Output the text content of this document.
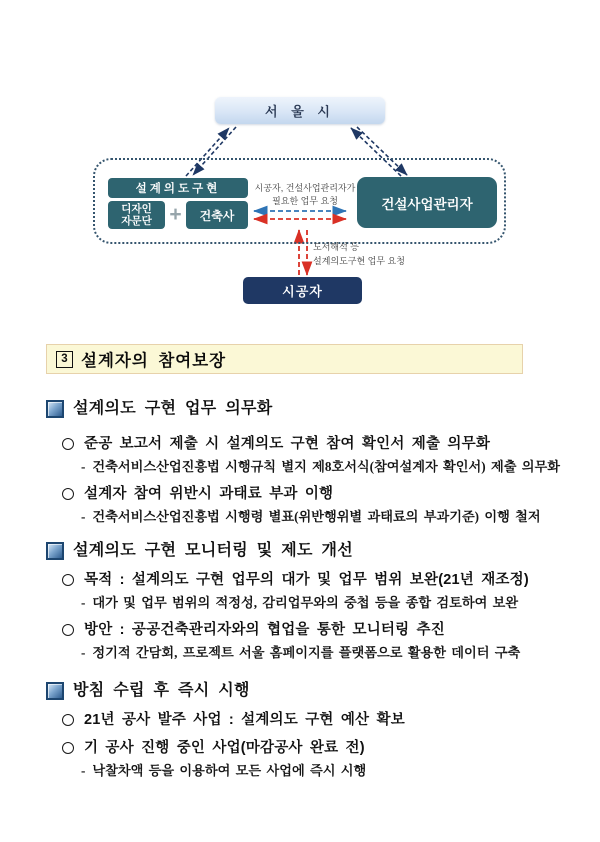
서 울 시
설계의도구현
디자인
자문단 +	건축사
건설사업관리자
시공자, 건설사업관리자가
필요한 업무 요청
도서해석 등
설계의도구현 업무 요청
시공자
3 설계자의 참여보장
설계의도 구현 업무 의무화
준공 보고서 제출 시 설계의도 구현 참여 확인서 제출 의무화
- 건축서비스산업진흥법 시행규칙 별지 제8호서식(참여설계자 확인서) 제출 의무화
설계자 참여 위반시 과태료 부과 이행
- 건축서비스산업진흥법 시행령 별표(위반행위별 과태료의 부과기준) 이행 철저
설계의도 구현 모니터링 및 제도 개선
목적 : 설계의도 구현 업무의 대가 및 업무 범위 보완(21년 재조정)
- 대가 및 업무 범위의 적정성, 감리업무와의 중첩 등을 종합 검토하여 보완
방안 : 공공건축관리자와의 협업을 통한 모니터링 추진
- 정기적 간담회, 프로젝트 서울 홈페이지를 플랫폼으로 활용한 데이터 구축
방침 수립 후 즉시 시행
21년 공사 발주 사업 : 설계의도 구현 예산 확보
기 공사 진행 중인 사업(마감공사 완료 전)
- 낙찰차액 등을 이용하여 모든 사업에 즉시 시행
